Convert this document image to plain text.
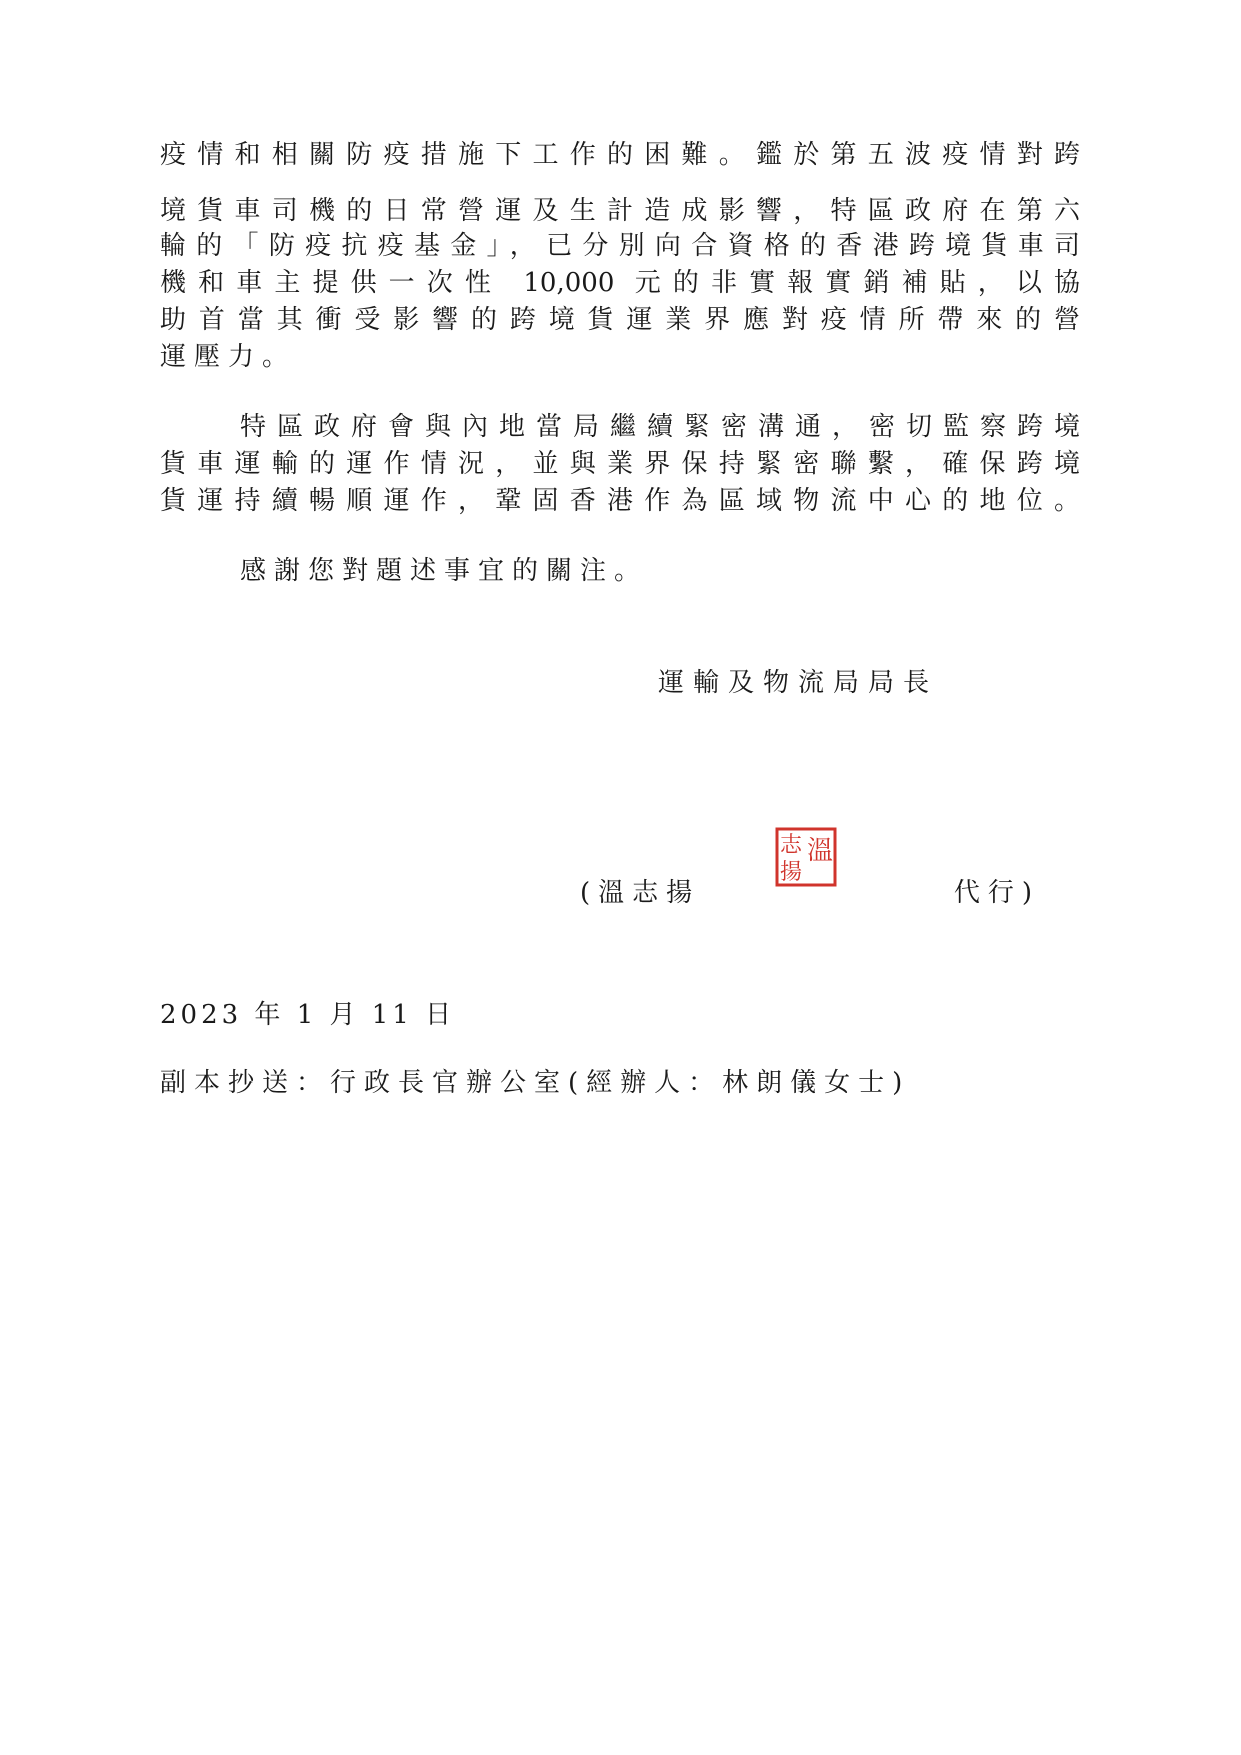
疫情和相關防疫措施下工作的困難。鑑於第五波疫情對跨
境貨車司機的日常營運及生計造成影響，特區政府在第六
輪的「防疫抗疫基金」，已分別向合資格的香港跨境貨車司
機和車主提供一次性 10,000 元的非實報實銷補貼，以協
助首當其衝受影響的跨境貨運業界應對疫情所帶來的營
運壓力。
特區政府會與內地當局繼續緊密溝通，密切監察跨境
貨車運輸的運作情況，並與業界保持緊密聯繫，確保跨境
貨運持續暢順運作，鞏固香港作為區域物流中心的地位。
感謝您對題述事宜的關注。
運輸及物流局局長
(溫志揚	代行)
志 溫
揚
2023 年 1 月 11 日
副本抄送：行政長官辦公室(經辦人：林朗儀女士)
